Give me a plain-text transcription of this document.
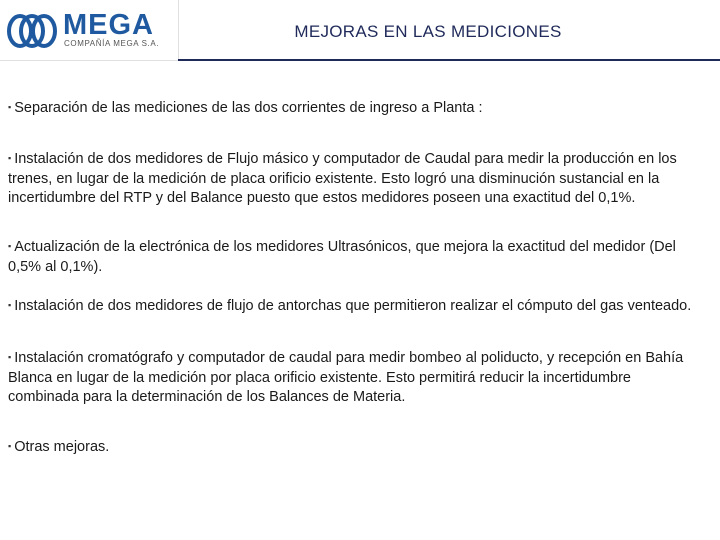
MEGA
COMPAÑÍA MEGA S.A.
MEJORAS EN LAS MEDICIONES

▪ Separación de las mediciones de las dos corrientes de ingreso a Planta :

▪ Instalación de dos medidores de Flujo másico y computador de Caudal para medir la producción en los trenes, en lugar de la medición de placa orificio existente. Esto logró una disminución sustancial en la incertidumbre del RTP y del Balance puesto que estos medidores poseen una exactitud del 0,1%.

▪ Actualización de la electrónica de los medidores Ultrasónicos, que mejora la exactitud del medidor (Del 0,5% al 0,1%).

▪ Instalación de dos medidores de flujo de antorchas que permitieron realizar el cómputo del gas venteado.

▪ Instalación cromatógrafo y computador de caudal para medir bombeo al poliducto, y recepción en Bahía Blanca en lugar de la medición por placa orificio existente. Esto permitirá reducir la incertidumbre combinada para la determinación de los Balances de Materia.

▪ Otras mejoras.
